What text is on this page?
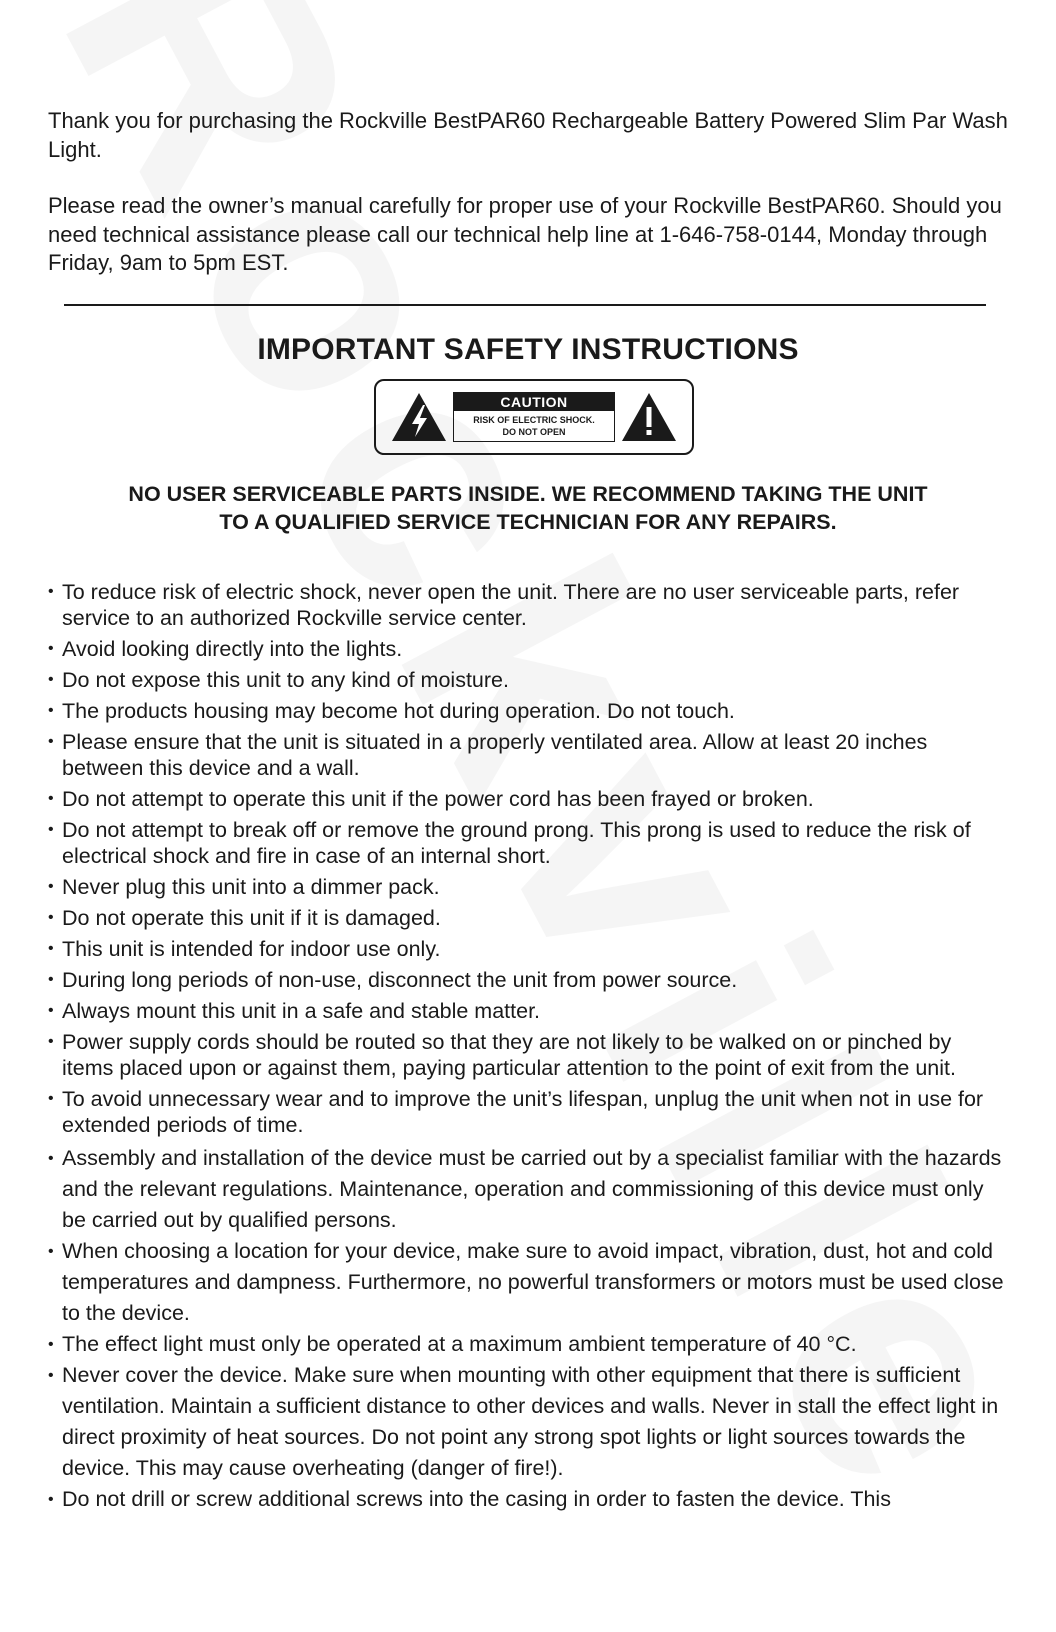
Thank you for purchasing the Rockville BestPAR60 Rechargeable Battery Powered Slim Par Wash Light.

Please read the owner’s manual carefully for proper use of your Rockville BestPAR60. Should you need technical assistance please call our technical help line at 1-646-758-0144, Monday through Friday, 9am to 5pm EST.

IMPORTANT SAFETY INSTRUCTIONS
CAUTION
RISK OF ELECTRIC SHOCK.
DO NOT OPEN
NO USER SERVICEABLE PARTS INSIDE. WE RECOMMEND TAKING THE UNIT
TO A QUALIFIED SERVICE TECHNICIAN FOR ANY REPAIRS.
• To reduce risk of electric shock, never open the unit. There are no user serviceable parts, refer service to an authorized Rockville service center.
• Avoid looking directly into the lights.
• Do not expose this unit to any kind of moisture.
• The products housing may become hot during operation. Do not touch.
• Please ensure that the unit is situated in a properly ventilated area. Allow at least 20 inches between this device and a wall.
• Do not attempt to operate this unit if the power cord has been frayed or broken.
• Do not attempt to break off or remove the ground prong. This prong is used to reduce the risk of electrical shock and fire in case of an internal short.
• Never plug this unit into a dimmer pack.
• Do not operate this unit if it is damaged.
• This unit is intended for indoor use only.
• During long periods of non-use, disconnect the unit from power source.
• Always mount this unit in a safe and stable matter.
• Power supply cords should be routed so that they are not likely to be walked on or pinched by items placed upon or against them, paying particular attention to the point of exit from the unit.
• To avoid unnecessary wear and to improve the unit’s lifespan, unplug the unit when not in use for extended periods of time.
• Assembly and installation of the device must be carried out by a specialist familiar with the hazards and the relevant regulations. Maintenance, operation and commissioning of this device must only be carried out by qualified persons.
• When choosing a location for your device, make sure to avoid impact, vibration, dust, hot and cold temperatures and dampness. Furthermore, no powerful transformers or motors must be used close to the device.
• The effect light must only be operated at a maximum ambient temperature of 40 °C.
• Never cover the device. Make sure when mounting with other equipment that there is sufficient ventilation. Maintain a sufficient distance to other devices and walls. Never in stall the effect light in direct proximity of heat sources. Do not point any strong spot lights or light sources towards the device. This may cause overheating (danger of fire!).
• Do not drill or screw additional screws into the casing in order to fasten the device. This
